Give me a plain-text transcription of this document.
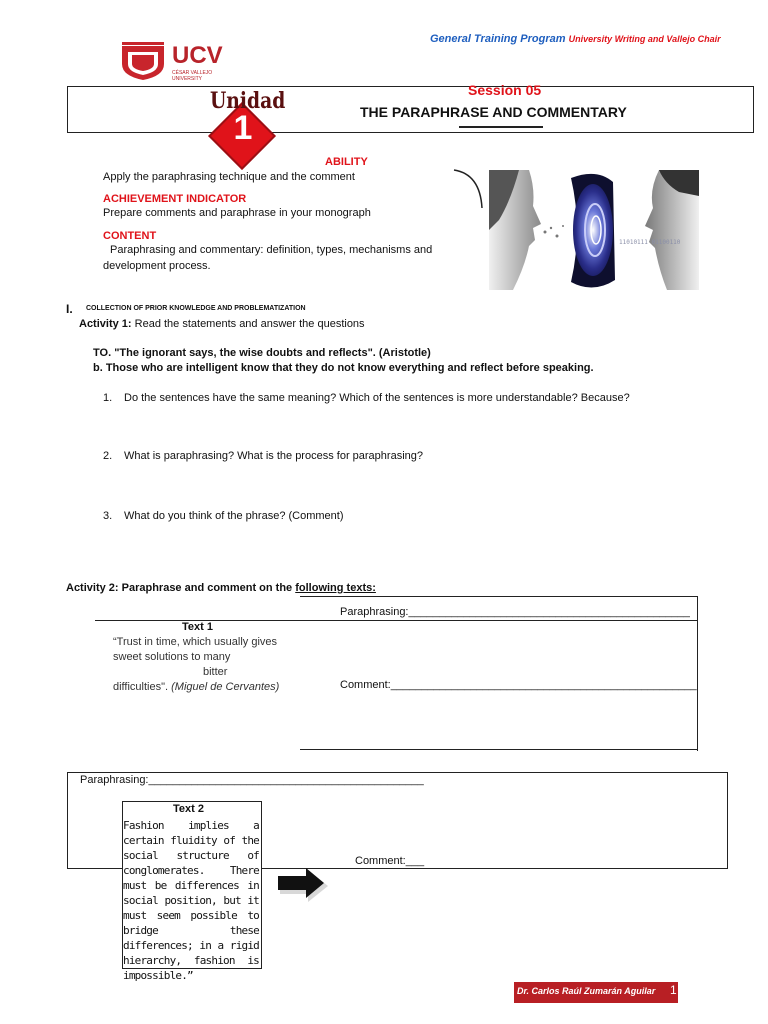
General Training Program University Writing and Vallejo Chair
UCV
CÉSAR VALLEJO UNIVERSITY
Session 05
THE PARAPHRASE AND COMMENTARY
Unidad
1
ABILITY
Apply the paraphrasing technique and the comment
ACHIEVEMENT INDICATOR
Prepare comments and paraphrase in your monograph
CONTENT
Paraphrasing and commentary: definition, types, mechanisms and
development process.
11010111 01100110
I. COLLECTION OF PRIOR KNOWLEDGE AND PROBLEMATIZATION
Activity 1: Read the statements and answer the questions
TO. "The ignorant says, the wise doubts and reflects". (Aristotle)
b. Those who are intelligent know that they do not know everything and reflect before speaking.
1. Do the sentences have the same meaning? Which of the sentences is more understandable? Because?
2. What is paraphrasing? What is the process for paraphrasing?
3. What do you think of the phrase? (Comment)
Activity 2: Paraphrase and comment on the following texts:
Paraphrasing:______________________________________________
Comment:__________________________________________________
Text 1
“Trust in time, which usually gives
sweet solutions to many
bitter
difficulties". (Miguel de Cervantes)
Paraphrasing:_____________________________________________
Text 2
Fashion implies a certain fluidity of the social structure of conglomerates. There must be differences in social position, but it must seem possible to bridge these differences; in a rigid hierarchy, fashion is impossible.”
Comment:___
Dr. Carlos Raúl Zumarán Aguilar 1
